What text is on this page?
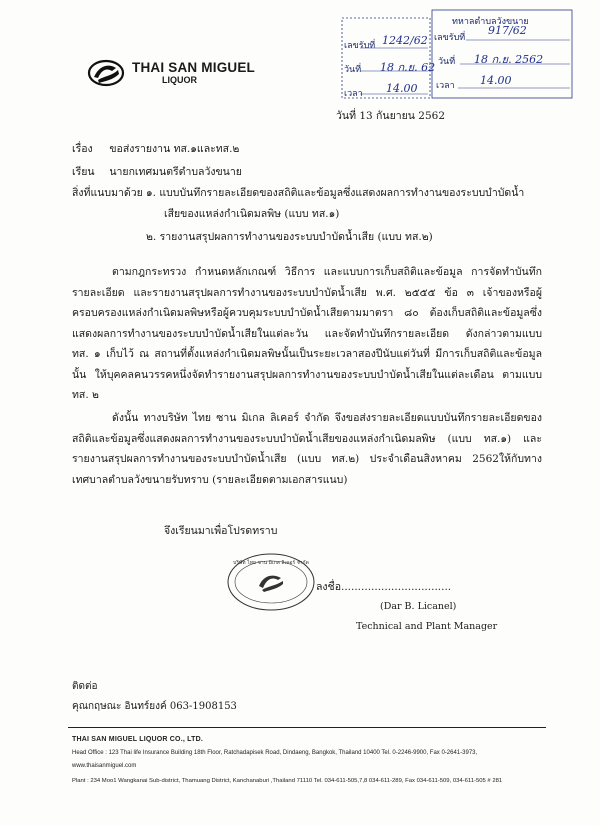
THAI SAN MIGUEL
LIQUOR
ทหาลตำบลวังขนาย
เลขรับที่ 1242/62 เลขรับที่
917/62
วันที่ 18 ก.ย. 62 วันที่ 18 ก.ย. 2562
เวลา 14.00 เวลา 14.00
วันที่ 13 กันยายน 2562
เรื่อง ขอส่งรายงาน ทส.๑และทส.๒
เรียน นายกเทศมนตรีตำบลวังขนาย
สิ่งที่แนบมาด้วย ๑. แบบบันทึกรายละเอียดของสถิติและข้อมูลซึ่งแสดงผลการทำงานของระบบบำบัดน้ำ
เสียของแหล่งกำเนิดมลพิษ (แบบ ทส.๑)
๒. รายงานสรุปผลการทำงานของระบบบำบัดน้ำเสีย (แบบ ทส.๒)
ตามกฎกระทรวง กำหนดหลักเกณฑ์ วิธีการ และแบบการเก็บสถิติและข้อมูล การจัดทำบันทึก
รายละเอียด และรายงานสรุปผลการทำงานของระบบบำบัดน้ำเสีย พ.ศ. ๒๕๕๕ ข้อ ๓ เจ้าของหรือผู้
ครอบครองแหล่งกำเนิดมลพิษหรือผู้ควบคุมระบบบำบัดน้ำเสียตามมาตรา ๘๐ ต้องเก็บสถิติและข้อมูลซึ่ง
แสดงผลการทำงานของระบบบำบัดน้ำเสียในแต่ละวัน และจัดทำบันทึกรายละเอียด ดังกล่าวตามแบบ
ทส. ๑ เก็บไว้ ณ สถานที่ตั้งแหล่งกำเนิดมลพิษนั้นเป็นระยะเวลาสองปีนับแต่วันที่ มีการเก็บสถิติและข้อมูล
นั้น ให้บุคคลคนวรรคหนึ่งจัดทำรายงานสรุปผลการทำงานของระบบบำบัดน้ำเสียในแต่ละเดือน ตามแบบ
ทส. ๒
ดังนั้น ทางบริษัท ไทย ซาน มิเกล ลิเคอร์ จำกัด จึงขอส่งรายละเอียดแบบบันทึกรายละเอียดของ
สถิติและข้อมูลซึ่งแสดงผลการทำงานของระบบบำบัดน้ำเสียของแหล่งกำเนิดมลพิษ (แบบ ทส.๑) และ
รายงานสรุปผลการทำงานของระบบบำบัดน้ำเสีย (แบบ ทส.๒) ประจำเดือนสิงหาคม 2562ให้กับทาง
เทศบาลตำบลวังขนายรับทราบ (รายละเอียดตามเอกสารแนบ)
จึงเรียนมาเพื่อโปรดทราบ
บริษัท ไทย ซาน มิเกล ลิเคอร์ จำกัด
ลงชื่อ.................................
(Dar B. Licanel)
Technical and Plant Manager
ติดต่อ
คุณกฤษณะ อินทร์ยงค์ 063-1908153
THAI SAN MIGUEL LIQUOR CO., LTD.
Head Office : 123 Thai life Insurance Building 18th Floor, Ratchadapisek Road, Dindaeng, Bangkok, Thailand 10400 Tel. 0-2246-9900, Fax 0-2641-3973,
www.thaisanmiguel.com
Plant : 234 Moo1 Wangkanai Sub-district, Thamuang District, Kanchanaburi ,Thailand 71110 Tel. 034-611-505,7,8 034-611-289, Fax 034-611-509, 034-611-505 # 281
